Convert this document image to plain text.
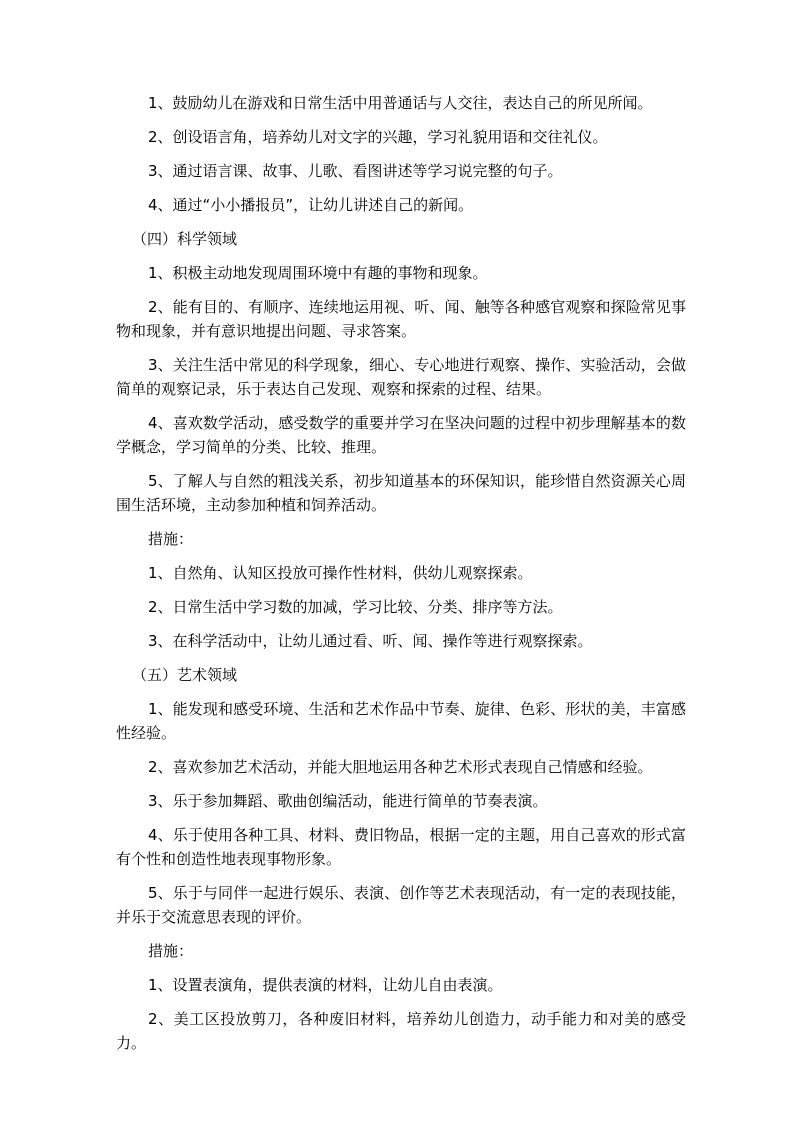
1、鼓励幼儿在游戏和日常生活中用普通话与人交往，表达自己的所见所闻。

2、创设语言角，培养幼儿对文字的兴趣，学习礼貌用语和交往礼仪。

3、通过语言课、故事、儿歌、看图讲述等学习说完整的句子。

4、通过“小小播报员”，让幼儿讲述自己的新闻。

（四）科学领域

1、积极主动地发现周围环境中有趣的事物和现象。

2、能有目的、有顺序、连续地运用视、听、闻、触等各种感官观察和探险常见事物和现象，并有意识地提出问题、寻求答案。

3、关注生活中常见的科学现象，细心、专心地进行观察、操作、实验活动，会做简单的观察记录，乐于表达自己发现、观察和探索的过程、结果。

4、喜欢数学活动，感受数学的重要并学习在坚决问题的过程中初步理解基本的数学概念，学习简单的分类、比较、推理。

5、了解人与自然的粗浅关系，初步知道基本的环保知识，能珍惜自然资源关心周围生活环境，主动参加种植和饲养活动。

措施：

1、自然角、认知区投放可操作性材料，供幼儿观察探索。

2、日常生活中学习数的加减，学习比较、分类、排序等方法。

3、在科学活动中，让幼儿通过看、听、闻、操作等进行观察探索。

（五）艺术领域

1、能发现和感受环境、生活和艺术作品中节奏、旋律、色彩、形状的美，丰富感性经验。

2、喜欢参加艺术活动，并能大胆地运用各种艺术形式表现自己情感和经验。

3、乐于参加舞蹈、歌曲创编活动，能进行简单的节奏表演。

4、乐于使用各种工具、材料、费旧物品，根据一定的主题，用自己喜欢的形式富有个性和创造性地表现事物形象。

5、乐于与同伴一起进行娱乐、表演、创作等艺术表现活动，有一定的表现技能，并乐于交流意思表现的评价。

措施：

1、设置表演角，提供表演的材料，让幼儿自由表演。

2、美工区投放剪刀，各种废旧材料，培养幼儿创造力，动手能力和对美的感受力。
